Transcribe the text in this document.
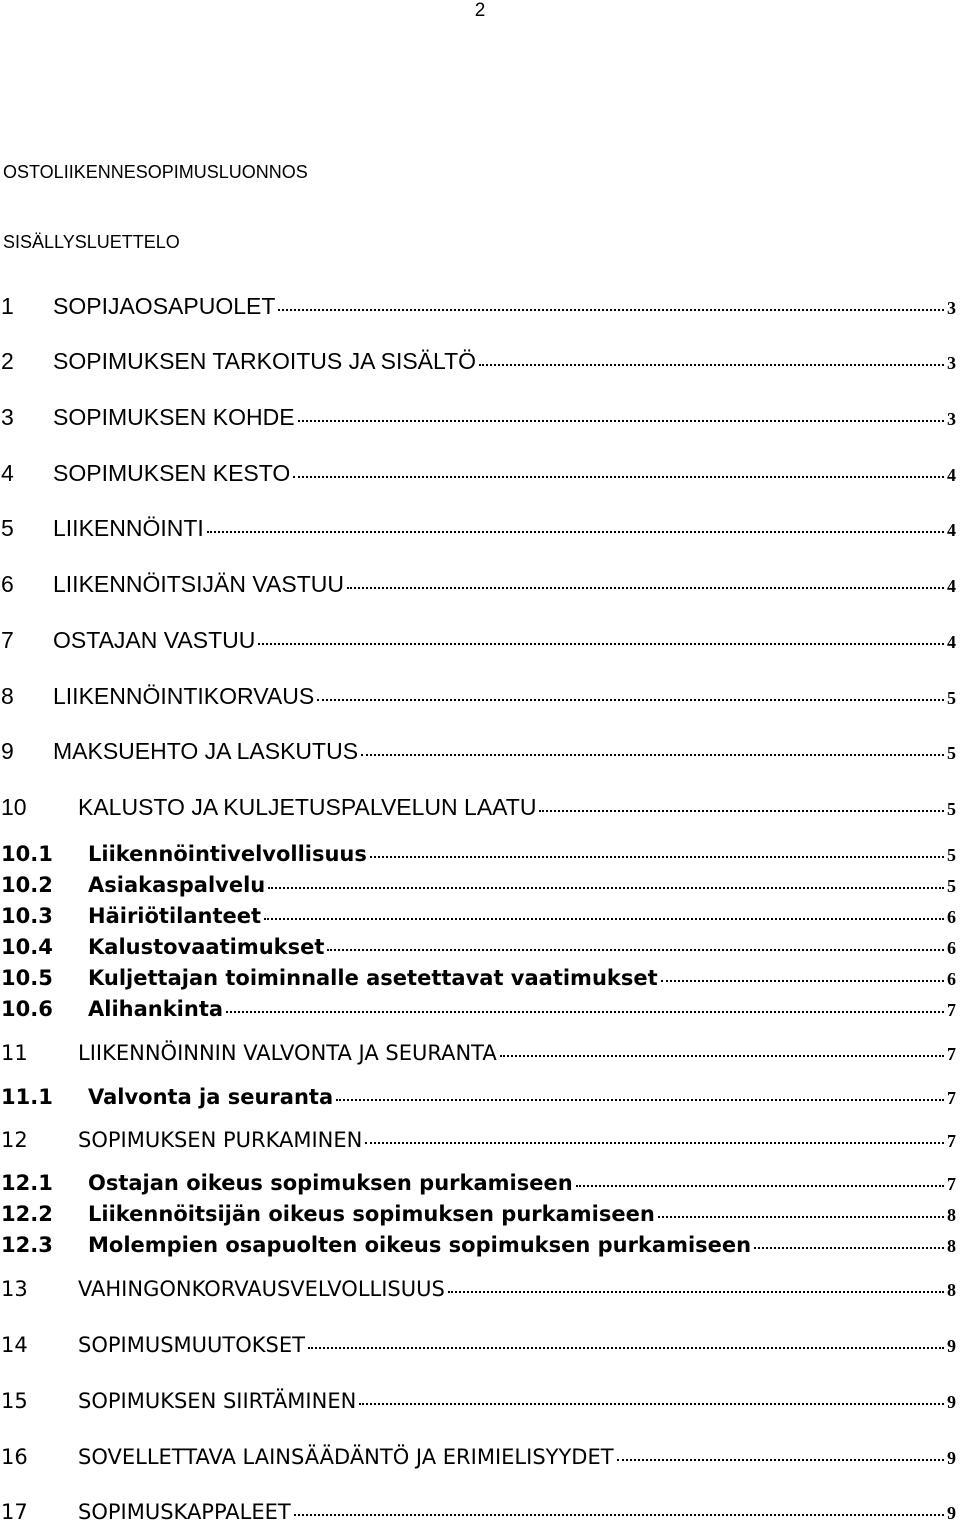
2
OSTOLIIKENNESOPIMUSLUONNOS
SISÄLLYSLUETTELO
1	SOPIJAOSAPUOLET	3
2	SOPIMUKSEN TARKOITUS JA SISÄLTÖ	3
3	SOPIMUKSEN KOHDE	3
4	SOPIMUKSEN KESTO	4
5	LIIKENNÖINTI	4
6	LIIKENNÖITSIJÄN VASTUU	4
7	OSTAJAN VASTUU	4
8	LIIKENNÖINTIKORVAUS	5
9	MAKSUEHTO JA LASKUTUS	5
10	KALUSTO JA KULJETUSPALVELUN LAATU	5
10.1	Liikennöintivelvollisuus	5
10.2	Asiakaspalvelu	5
10.3	Häiriötilanteet	6
10.4	Kalustovaatimukset	6
10.5	Kuljettajan toiminnalle asetettavat vaatimukset	6
10.6	Alihankinta	7
11	LIIKENNÖINNIN VALVONTA JA SEURANTA	7
11.1	Valvonta ja seuranta	7
12	SOPIMUKSEN PURKAMINEN	7
12.1	Ostajan oikeus sopimuksen purkamiseen	7
12.2	Liikennöitsijän oikeus sopimuksen purkamiseen	8
12.3	Molempien osapuolten oikeus sopimuksen purkamiseen	8
13	VAHINGONKORVAUSVELVOLLISUUS	8
14	SOPIMUSMUUTOKSET	9
15	SOPIMUKSEN SIIRTÄMINEN	9
16	SOVELLETTAVA LAINSÄÄDÄNTÖ JA ERIMIELISYYDET	9
17	SOPIMUSKAPPALEET	9
